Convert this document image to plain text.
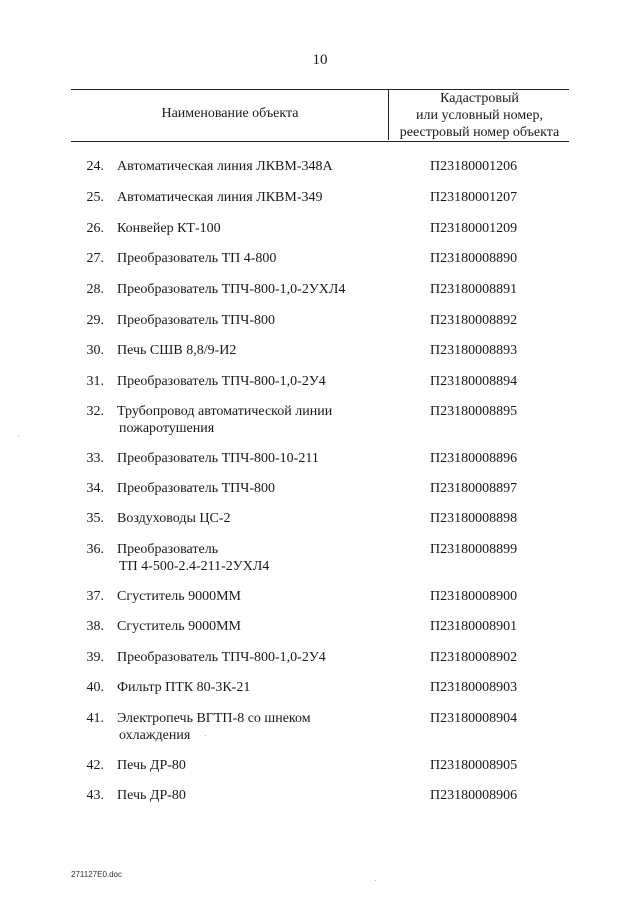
10
Наименование объекта
Кадастровый
или условный номер,
реестровый номер объекта
24. Автоматическая линия ЛКВМ-348А	П23180001206
25. Автоматическая линия ЛКВМ-349	П23180001207
26. Конвейер КТ-100	П23180001209
27. Преобразователь ТП 4-800	П23180008890
28. Преобразователь ТПЧ-800-1,0-2УХЛ4	П23180008891
29. Преобразователь ТПЧ-800	П23180008892
30. Печь СШВ 8,8/9-И2	П23180008893
31. Преобразователь ТПЧ-800-1,0-2У4	П23180008894
32. Трубопровод автоматической линии
пожаротушения
П23180008895
33. Преобразователь ТПЧ-800-10-211	П23180008896
34. Преобразователь ТПЧ-800	П23180008897
35. Воздуховоды ЦС-2	П23180008898
36. Преобразователь
ТП 4-500-2.4-211-2УХЛ4
П23180008899
37. Сгуститель 9000ММ	П23180008900
38. Сгуститель 9000ММ	П23180008901
39. Преобразователь ТПЧ-800-1,0-2У4	П23180008902
40. Фильтр ПТК 80-3К-21	П23180008903
41. Электропечь ВГТП-8 со шнеком
охлаждения
П23180008904
42. Печь ДР-80	П23180008905
43. Печь ДР-80	П23180008906
271127E0.doc
